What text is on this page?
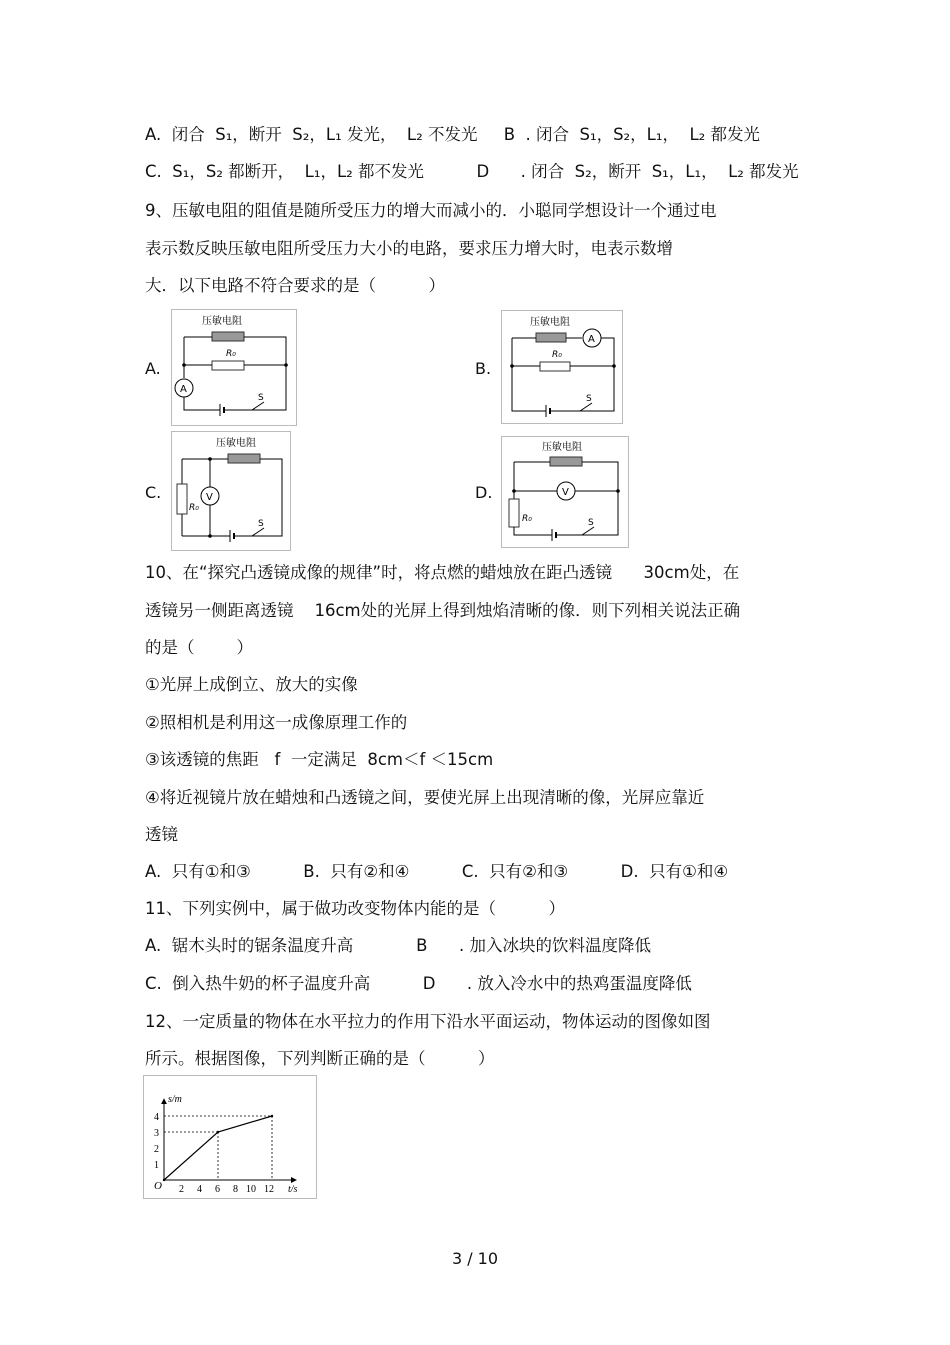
A.  闭合  S₁，断开  S₂，L₁ 发光，  L₂ 不发光     B  . 闭合  S₁，S₂，L₁，  L₂ 都发光
C.  S₁，S₂ 都断开，  L₁，L₂ 都不发光          D      . 闭合  S₂，断开  S₁，L₁，  L₂ 都发光
9、压敏电阻的阻值是随所受压力的增大而减小的．小聪同学想设计一个通过电
表示数反映压敏电阻所受压力大小的电路，要求压力增大时，电表示数增
大．以下电路不符合要求的是（          ）
A.
压敏电阻
R₀
A
S
B.
压敏电阻
A
R₀
S
C.
压敏电阻
R₀
V
S
D.
压敏电阻
V
R₀	S
10、在“探究凸透镜成像的规律”时，将点燃的蜡烛放在距凸透镜      30cm处，在
透镜另一侧距离透镜    16cm处的光屏上得到烛焰清晰的像．则下列相关说法正确
的是（        ）
①光屏上成倒立、放大的实像
②照相机是利用这一成像原理工作的
③该透镜的焦距   f  一定满足  8cm＜f ＜15cm
④将近视镜片放在蜡烛和凸透镜之间，要使光屏上出现清晰的像，光屏应靠近
透镜
A.  只有①和③          B.  只有②和④          C.  只有②和③          D.  只有①和④
11、下列实例中，属于做功改变物体内能的是（          ）
A.  锯木头时的锯条温度升高            B      . 加入冰块的饮料温度降低
C.  倒入热牛奶的杯子温度升高          D      . 放入冷水中的热鸡蛋温度降低
12、一定质量的物体在水平拉力的作用下沿水平面运动，物体运动的图像如图
所示。根据图像，下列判断正确的是（          ）
s/m
t/s
O 2 4 6 8 10 12
1
2
3
4
3 / 10
